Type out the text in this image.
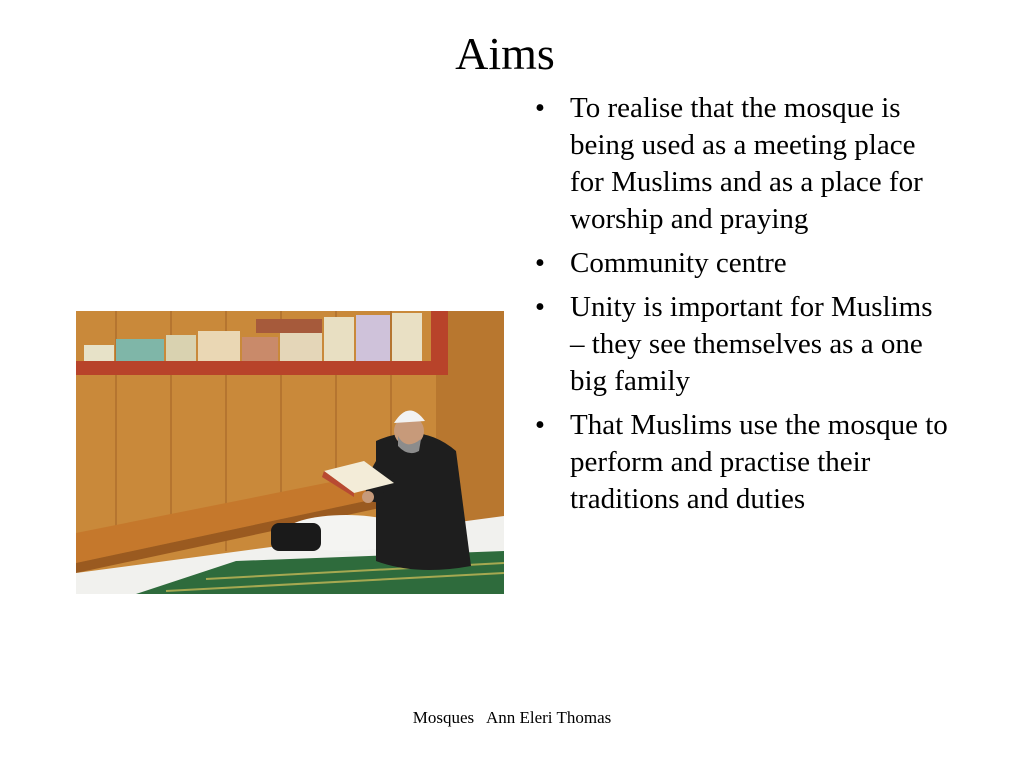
Aims
• To realise that the mosque is being used as a meeting place for Muslims and as a place for worship and praying
• Community centre
• Unity is important for Muslims – they see themselves as a one big family
• That Muslims use the mosque to perform and practise their traditions and duties
Mosques   Ann Eleri Thomas
